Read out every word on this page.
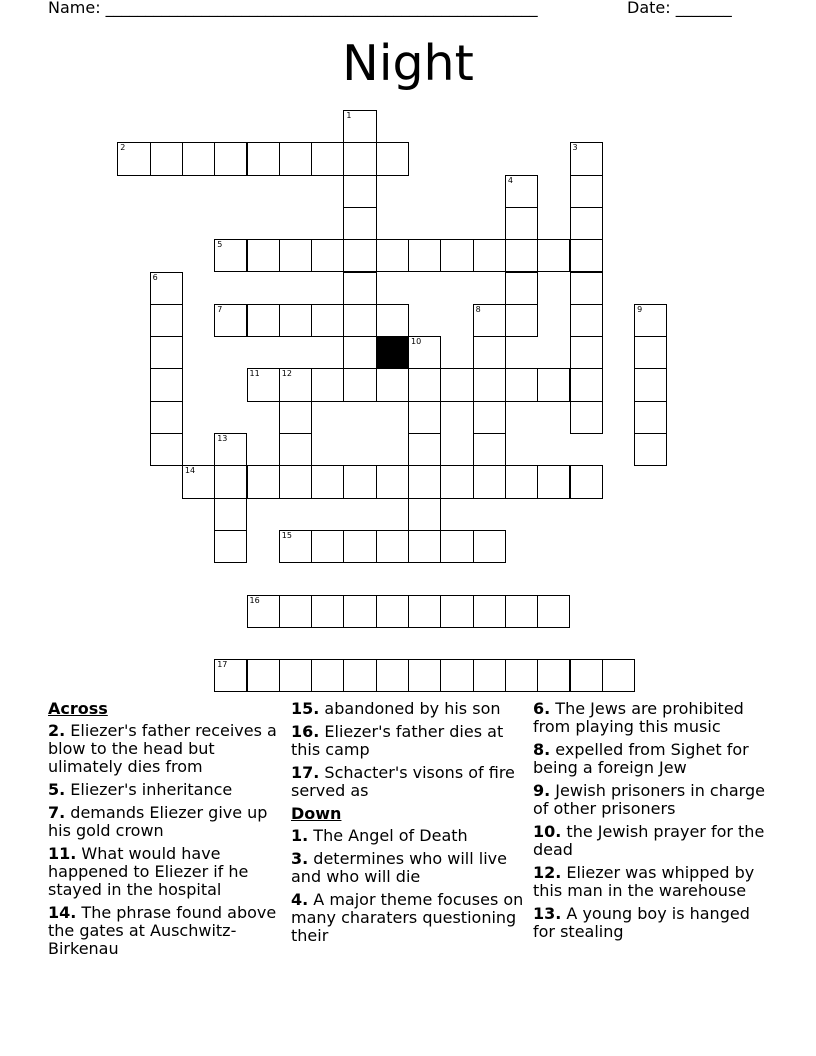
Name: ______________________________________________________	Date: _______
Night
1
2	3
4
5
6
7	8	9
10
11	12
13
14
15
16
17
Across
2. Eliezer's father receives a blow to the head but ulimately dies from
5. Eliezer's inheritance
7. demands Eliezer give up his gold crown
11. What would have happened to Eliezer if he stayed in the hospital
14. The phrase found above the gates at Auschwitz-Birkenau
15. abandoned by his son
16. Eliezer's father dies at this camp
17. Schacter's visons of fire served as
Down
1. The Angel of Death
3. determines who will live and who will die
4. A major theme focuses on many charaters questioning their
6. The Jews are prohibited from playing this music
8. expelled from Sighet for being a foreign Jew
9. Jewish prisoners in charge of other prisoners
10. the Jewish prayer for the dead
12. Eliezer was whipped by this man in the warehouse
13. A young boy is hanged for stealing
